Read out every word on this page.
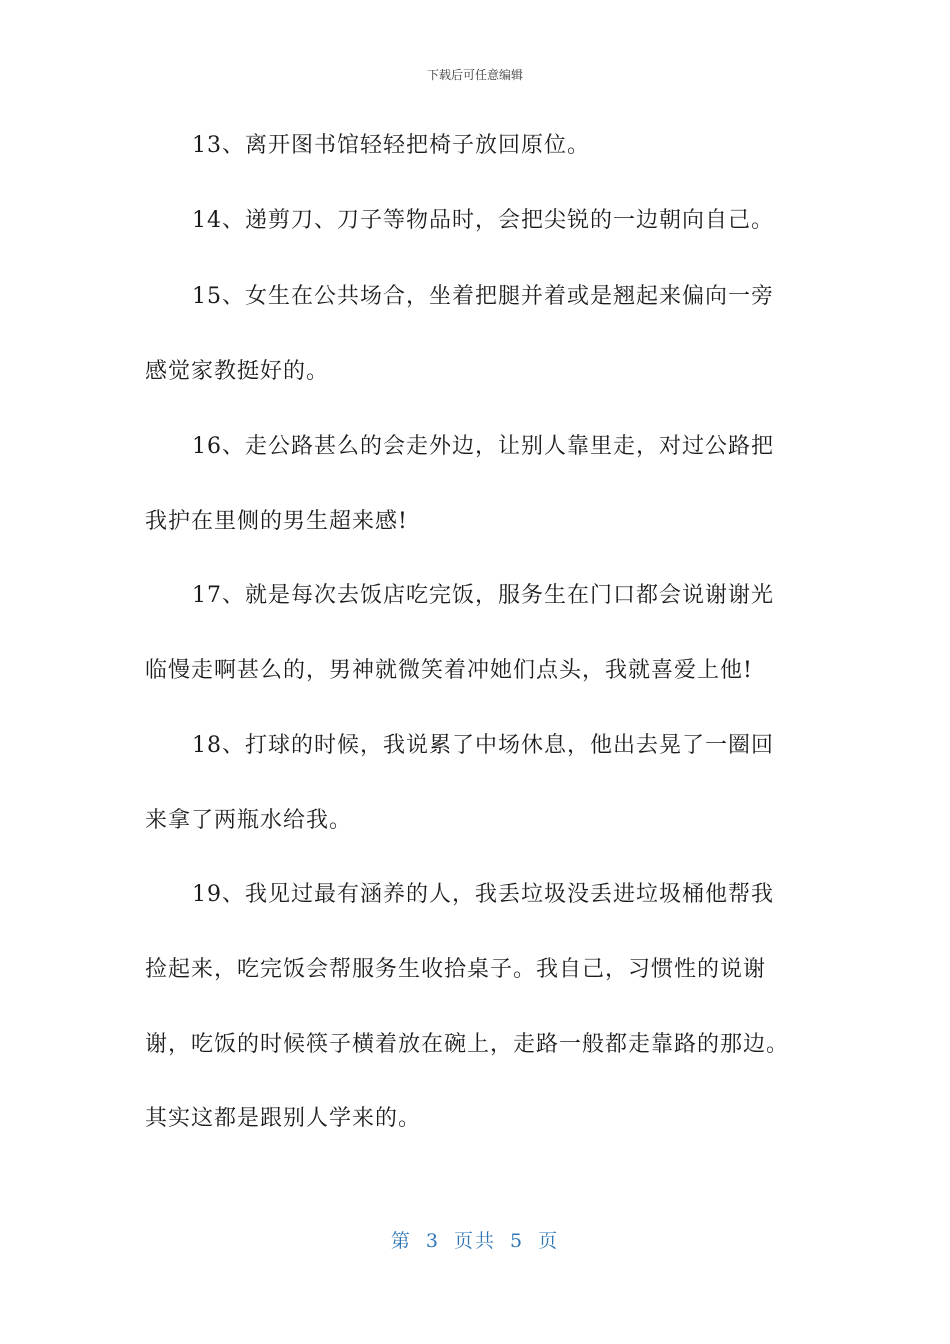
下载后可任意编辑
13、离开图书馆轻轻把椅子放回原位。
14、递剪刀、刀子等物品时，会把尖锐的一边朝向自己。
15、女生在公共场合，坐着把腿并着或是翘起来偏向一旁
感觉家教挺好的。
16、走公路甚么的会走外边，让别人靠里走，对过公路把
我护在里侧的男生超来感!
17、就是每次去饭店吃完饭，服务生在门口都会说谢谢光
临慢走啊甚么的，男神就微笑着冲她们点头，我就喜爱上他!
18、打球的时候，我说累了中场休息，他出去晃了一圈回
来拿了两瓶水给我。
19、我见过最有涵养的人，我丢垃圾没丢进垃圾桶他帮我
捡起来，吃完饭会帮服务生收拾桌子。我自己，习惯性的说谢
谢，吃饭的时候筷子横着放在碗上，走路一般都走靠路的那边。
其实这都是跟别人学来的。
第 3 页共 5 页
